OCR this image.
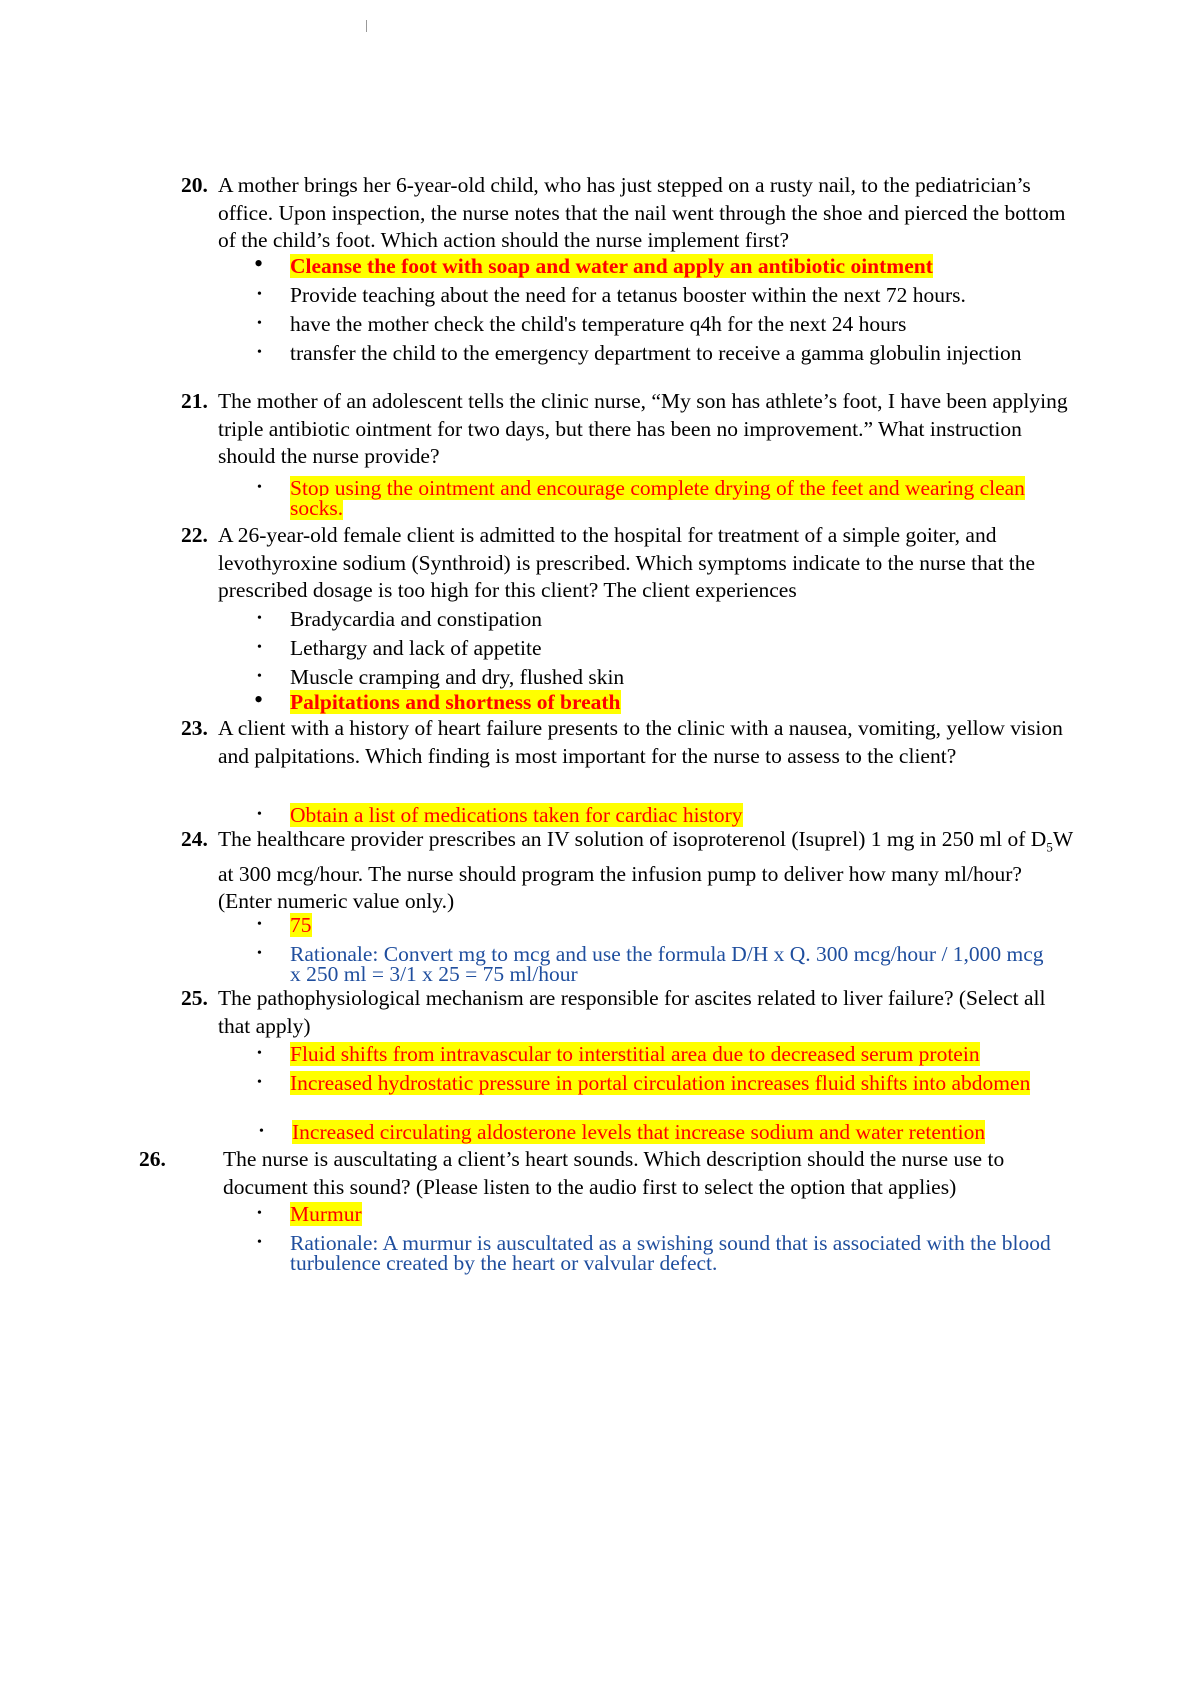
20. A mother brings her 6-year-old child, who has just stepped on a rusty nail, to the pediatrician’s office. Upon inspection, the nurse notes that the nail went through the shoe and pierced the bottom of the child’s foot. Which action should the nurse implement first?
• Cleanse the foot with soap and water and apply an antibiotic ointment
• Provide teaching about the need for a tetanus booster within the next 72 hours.
• have the mother check the child's temperature q4h for the next 24 hours
• transfer the child to the emergency department to receive a gamma globulin injection
21. The mother of an adolescent tells the clinic nurse, “My son has athlete’s foot, I have been applying triple antibiotic ointment for two days, but there has been no improvement.” What instruction should the nurse provide?
• Stop using the ointment and encourage complete drying of the feet and wearing clean socks.
22. A 26-year-old female client is admitted to the hospital for treatment of a simple goiter, and levothyroxine sodium (Synthroid) is prescribed. Which symptoms indicate to the nurse that the prescribed dosage is too high for this client? The client experiences
• Bradycardia and constipation
• Lethargy and lack of appetite
• Muscle cramping and dry, flushed skin
• Palpitations and shortness of breath
23. A client with a history of heart failure presents to the clinic with a nausea, vomiting, yellow vision and palpitations. Which finding is most important for the nurse to assess to the client?
• Obtain a list of medications taken for cardiac history
24. The healthcare provider prescribes an IV solution of isoproterenol (Isuprel) 1 mg in 250 ml of $D_5W$ at 300 mcg/hour. The nurse should program the infusion pump to deliver how many ml/hour? (Enter numeric value only.)
• 75
• Rationale: Convert mg to mcg and use the formula D/H x Q. 300 mcg/hour / 1,000 mcg x 250 ml = 3/1 x 25 = 75 ml/hour
25. The pathophysiological mechanism are responsible for ascites related to liver failure? (Select all that apply)
• Fluid shifts from intravascular to interstitial area due to decreased serum protein
• Increased hydrostatic pressure in portal circulation increases fluid shifts into abdomen
• Increased circulating aldosterone levels that increase sodium and water retention
26.	The nurse is auscultating a client’s heart sounds. Which description should the nurse use to document this sound? (Please listen to the audio first to select the option that applies)
• Murmur
• Rationale: A murmur is auscultated as a swishing sound that is associated with the blood turbulence created by the heart or valvular defect.
